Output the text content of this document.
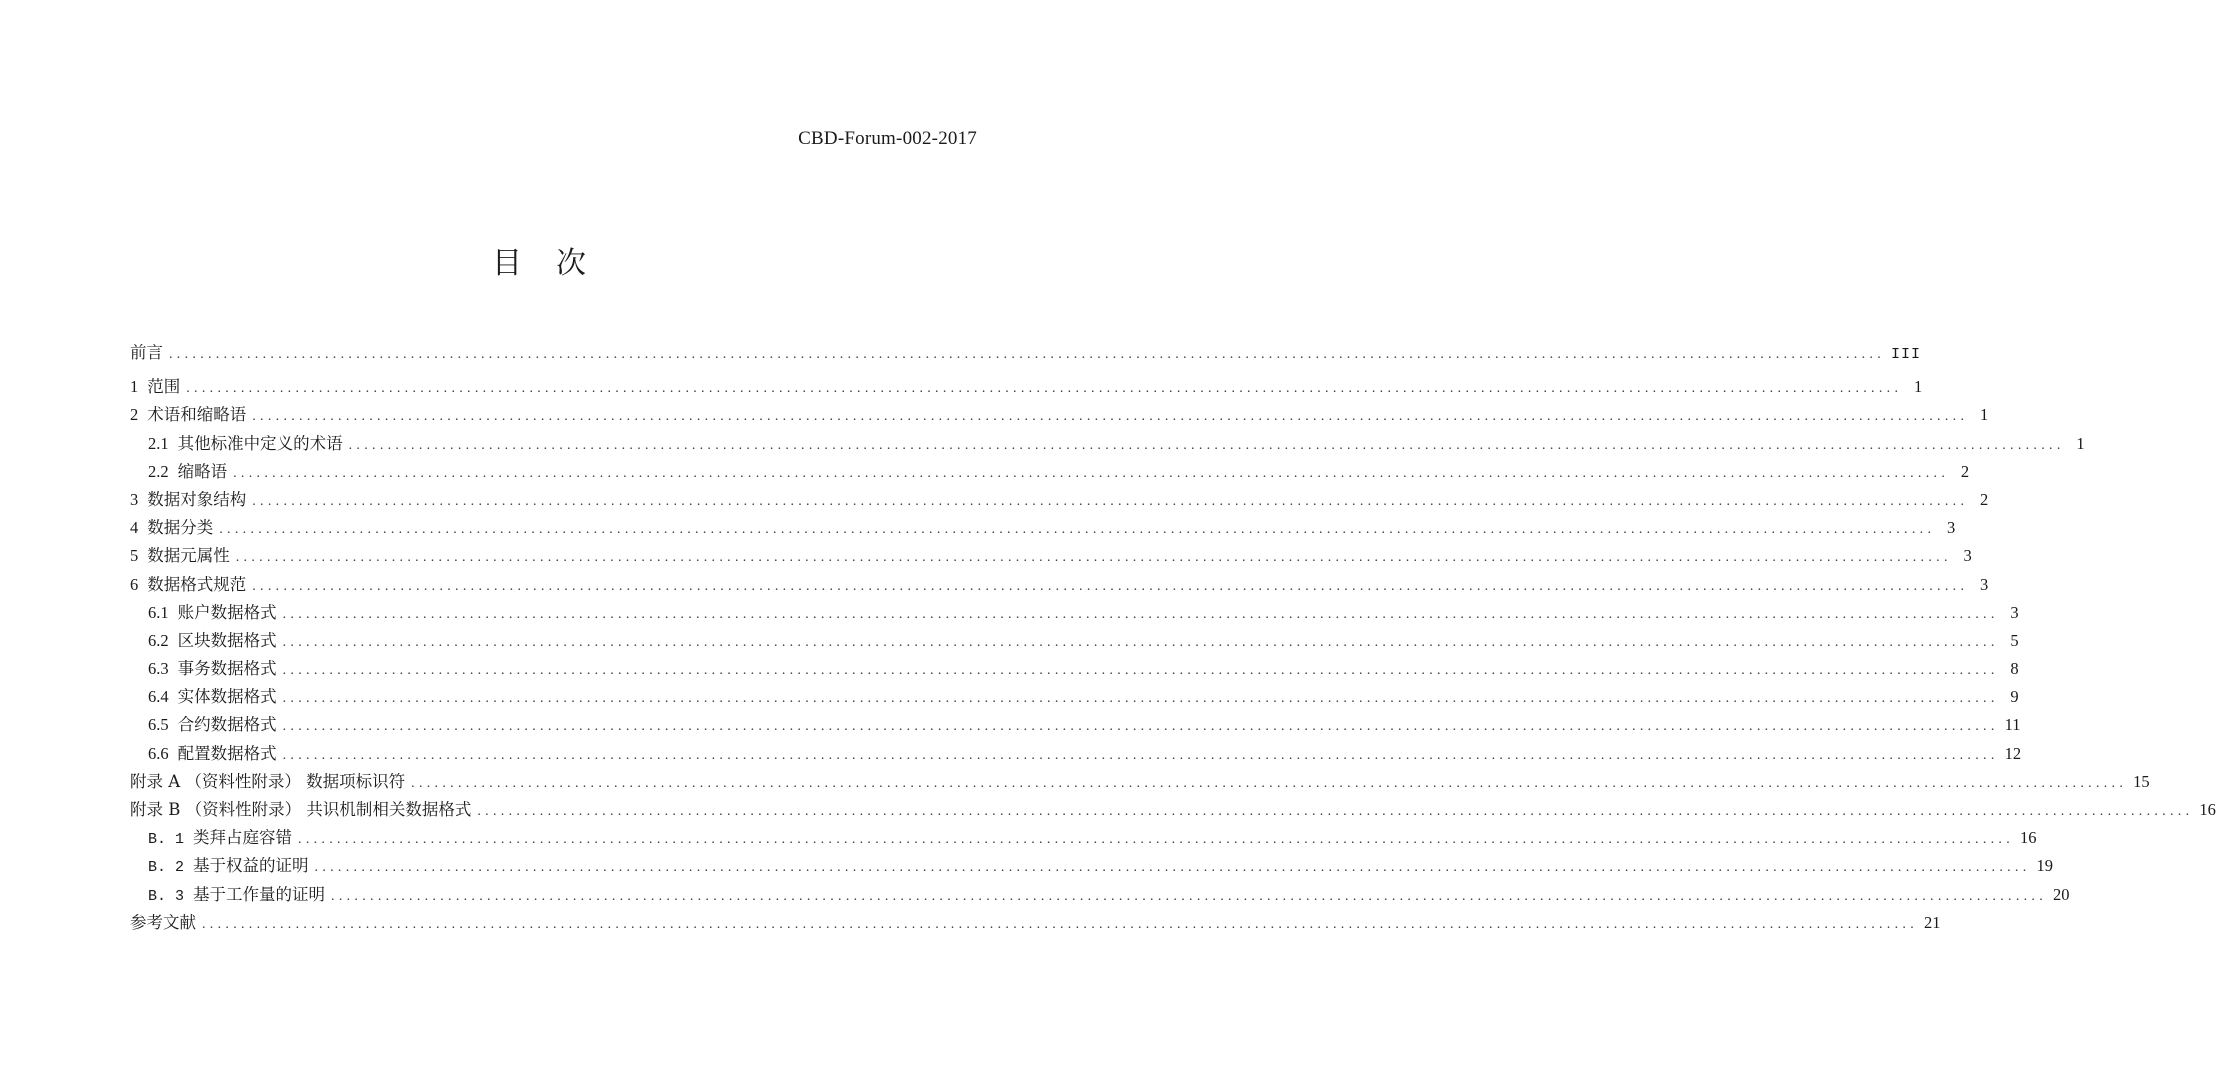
CBD-Forum-002-2017
目　次
前言 ............................................................................................................................................................................................................................ III
1 范围 ............................................................................................................................................................................................................................ 1
2 术语和缩略语 ............................................................................................................................................................................................................................ 1
2.1 其他标准中定义的术语 ............................................................................................................................................................................................................................ 1
2.2 缩略语 ............................................................................................................................................................................................................................ 2
3 数据对象结构 ............................................................................................................................................................................................................................ 2
4 数据分类 ............................................................................................................................................................................................................................ 3
5 数据元属性 ............................................................................................................................................................................................................................ 3
6 数据格式规范 ............................................................................................................................................................................................................................ 3
6.1 账户数据格式 ............................................................................................................................................................................................................................ 3
6.2 区块数据格式 ............................................................................................................................................................................................................................ 5
6.3 事务数据格式 ............................................................................................................................................................................................................................ 8
6.4 实体数据格式 ............................................................................................................................................................................................................................ 9
6.5 合约数据格式 ............................................................................................................................................................................................................................ 11
6.6 配置数据格式 ............................................................................................................................................................................................................................ 12
附录 A （资料性附录） 数据项标识符 ............................................................................................................................................................................................................................ 15
附录 B （资料性附录） 共识机制相关数据格式 ............................................................................................................................................................................................................................ 16
B. 1 类拜占庭容错 ............................................................................................................................................................................................................................ 16
B. 2 基于权益的证明 ............................................................................................................................................................................................................................ 19
B. 3 基于工作量的证明 ............................................................................................................................................................................................................................ 20
参考文献 ............................................................................................................................................................................................................................ 21
